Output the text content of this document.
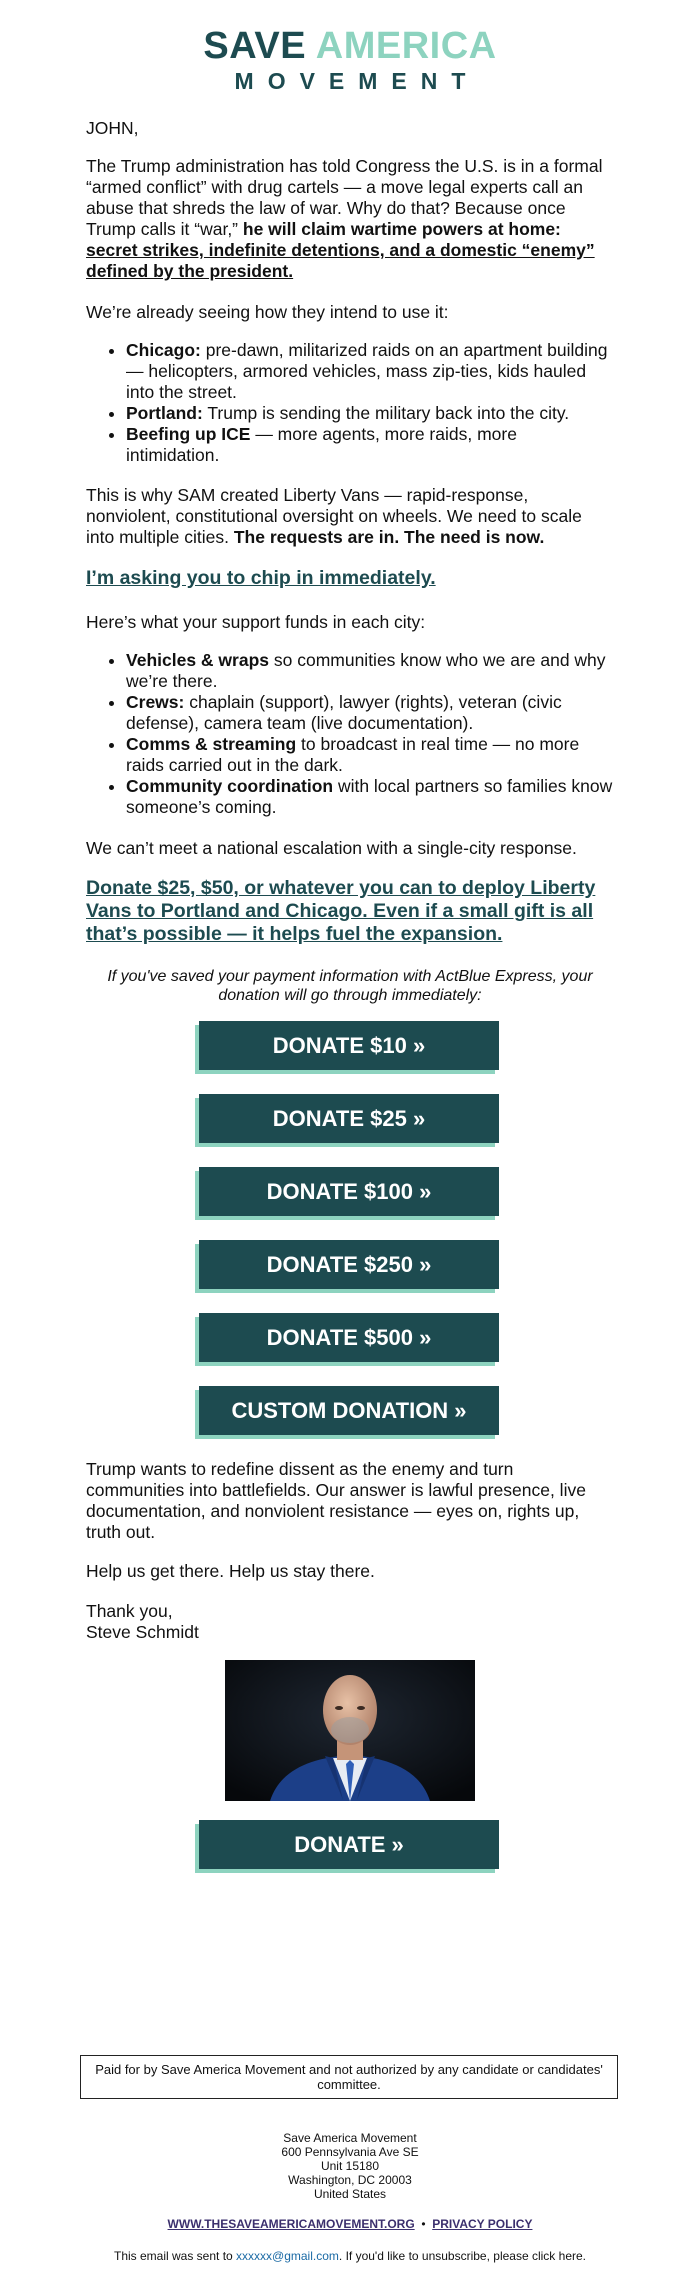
SAVE AMERICA
MOVEMENT

JOHN,

The Trump administration has told Congress the U.S. is in a formal “armed conflict” with drug cartels — a move legal experts call an abuse that shreds the law of war. Why do that? Because once Trump calls it “war,” he will claim wartime powers at home: secret strikes, indefinite detentions, and a domestic “enemy” defined by the president.

We’re already seeing how they intend to use it:

• Chicago: pre-dawn, militarized raids on an apartment building — helicopters, armored vehicles, mass zip-ties, kids hauled into the street.
• Portland: Trump is sending the military back into the city.
• Beefing up ICE — more agents, more raids, more intimidation.

This is why SAM created Liberty Vans — rapid-response, nonviolent, constitutional oversight on wheels. We need to scale into multiple cities. The requests are in. The need is now.

I’m asking you to chip in immediately.

Here’s what your support funds in each city:

• Vehicles & wraps so communities know who we are and why we’re there.
• Crews: chaplain (support), lawyer (rights), veteran (civic defense), camera team (live documentation).
• Comms & streaming to broadcast in real time — no more raids carried out in the dark.
• Community coordination with local partners so families know someone’s coming.

We can’t meet a national escalation with a single-city response.

Donate $25, $50, or whatever you can to deploy Liberty Vans to Portland and Chicago. Even if a small gift is all that’s possible — it helps fuel the expansion.

If you've saved your payment information with ActBlue Express, your donation will go through immediately:

DONATE $10 »
DONATE $25 »
DONATE $100 »
DONATE $250 »
DONATE $500 »
CUSTOM DONATION »

Trump wants to redefine dissent as the enemy and turn communities into battlefields. Our answer is lawful presence, live documentation, and nonviolent resistance — eyes on, rights up, truth out.

Help us get there. Help us stay there.

Thank you,
Steve Schmidt

DONATE »
Paid for by Save America Movement and not authorized by any candidate or candidates' committee.
Save America Movement
600 Pennsylvania Ave SE
Unit 15180
Washington, DC 20003
United States
WWW.THESAVEAMERICAMOVEMENT.ORG • PRIVACY POLICY
This email was sent to xxxxxx@gmail.com. If you'd like to unsubscribe, please click here.
